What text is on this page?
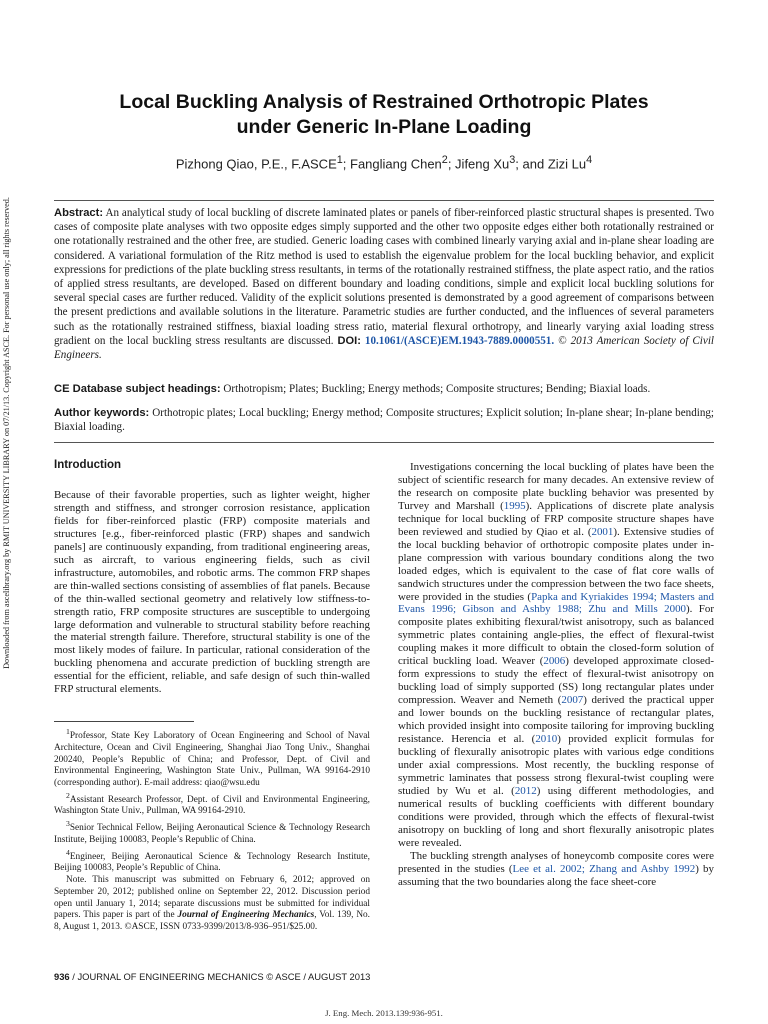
Downloaded from ascelibrary.org by RMIT UNIVERSITY LIBRARY on 07/21/13. Copyright ASCE. For personal use only; all rights reserved.
Local Buckling Analysis of Restrained Orthotropic Plates
under Generic In-Plane Loading
Pizhong Qiao, P.E., F.ASCE$^1$; Fangliang Chen$^2$; Jifeng Xu$^3$; and Zizi Lu$^4$
Abstract: An analytical study of local buckling of discrete laminated plates or panels of fiber-reinforced plastic structural shapes is presented. Two cases of composite plate analyses with two opposite edges simply supported and the other two opposite edges either both rotationally restrained or one rotationally restrained and the other free, are studied. Generic loading cases with combined linearly varying axial and in-plane shear loading are considered. A variational formulation of the Ritz method is used to establish the eigenvalue problem for the local buckling behavior, and explicit expressions for predictions of the plate buckling stress resultants, in terms of the rotationally restrained stiffness, the plate aspect ratio, and the ratios of applied stress resultants, are developed. Based on different boundary and loading conditions, simple and explicit local buckling solutions for several special cases are further reduced. Validity of the explicit solutions presented is demonstrated by a good agreement of comparisons between the present predictions and available solutions in the literature. Parametric studies are further conducted, and the influences of several parameters such as the rotationally restrained stiffness, biaxial loading stress ratio, material flexural orthotropy, and linearly varying axial loading stress gradient on the local buckling stress resultants are discussed. DOI: 10.1061/(ASCE)EM.1943-7889.0000551. © 2013 American Society of Civil Engineers.
CE Database subject headings: Orthotropism; Plates; Buckling; Energy methods; Composite structures; Bending; Biaxial loads.
Author keywords: Orthotropic plates; Local buckling; Energy method; Composite structures; Explicit solution; In-plane shear; In-plane bending; Biaxial loading.
Introduction

Because of their favorable properties, such as lighter weight, higher strength and stiffness, and stronger corrosion resistance, application fields for fiber-reinforced plastic (FRP) composite materials and structures [e.g., fiber-reinforced plastic (FRP) shapes and sandwich panels] are continuously expanding, from traditional engineering areas, such as aircraft, to various engineering fields, such as civil infrastructure, automobiles, and robotic arms. The common FRP shapes are thin-walled sections consisting of assemblies of flat panels. Because of the thin-walled sectional geometry and relatively low stiffness-to-strength ratio, FRP composite structures are susceptible to undergoing large deformation and vulnerable to structural stability before reaching the material strength failure. Therefore, structural stability is one of the most likely modes of failure. In particular, rational consideration of the buckling phenomena and accurate prediction of buckling strength are essential for the efficient, reliable, and safe design of such thin-walled FRP structural elements.

$^1$Professor, State Key Laboratory of Ocean Engineering and School of Naval Architecture, Ocean and Civil Engineering, Shanghai Jiao Tong Univ., Shanghai 200240, People’s Republic of China; and Professor, Dept. of Civil and Environmental Engineering, Washington State Univ., Pullman, WA 99164-2910 (corresponding author). E-mail address: qiao@wsu.edu

$^2$Assistant Research Professor, Dept. of Civil and Environmental Engineering, Washington State Univ., Pullman, WA 99164-2910.

$^3$Senior Technical Fellow, Beijing Aeronautical Science & Technology Research Institute, Beijing 100083, People’s Republic of China.

$^4$Engineer, Beijing Aeronautical Science & Technology Research Institute, Beijing 100083, People’s Republic of China.

Note. This manuscript was submitted on February 6, 2012; approved on September 20, 2012; published online on September 22, 2012. Discussion period open until January 1, 2014; separate discussions must be submitted for individual papers. This paper is part of the Journal of Engineering Mechanics, Vol. 139, No. 8, August 1, 2013. ©ASCE, ISSN 0733-9399/2013/8-936–951/$25.00.

Investigations concerning the local buckling of plates have been the subject of scientific research for many decades. An extensive review of the research on composite plate buckling behavior was presented by Turvey and Marshall (1995). Applications of discrete plate analysis technique for local buckling of FRP composite structure shapes have been reviewed and studied by Qiao et al. (2001). Extensive studies of the local buckling behavior of orthotropic composite plates under in-plane compression with various boundary conditions along the two loaded edges, which is equivalent to the case of flat core walls of sandwich structures under the compression between the two face sheets, were provided in the studies (Papka and Kyriakides 1994; Masters and Evans 1996; Gibson and Ashby 1988; Zhu and Mills 2000). For composite plates exhibiting flexural/twist anisotropy, such as balanced symmetric plates containing angle-plies, the effect of flexural-twist coupling makes it more difficult to obtain the closed-form solution of critical buckling load. Weaver (2006) developed approximate closed-form expressions to study the effect of flexural-twist anisotropy on buckling load of simply supported (SS) long rectangular plates under compression. Weaver and Nemeth (2007) derived the practical upper and lower bounds on the buckling resistance of rectangular plates, which provided insight into composite tailoring for improving buckling resistance. Herencia et al. (2010) provided explicit formulas for buckling of flexurally anisotropic plates with various edge conditions under axial compressions. Most recently, the buckling response of symmetric laminates that possess strong flexural-twist coupling were studied by Wu et al. (2012) using different methodologies, and numerical results of buckling coefficients with different boundary conditions were provided, through which the effects of flexural-twist anisotropy on buckling of long and short flexurally anisotropic plates were revealed.

The buckling strength analyses of honeycomb composite cores were presented in the studies (Lee et al. 2002; Zhang and Ashby 1992) by assuming that the two boundaries along the face sheet-core

936 / JOURNAL OF ENGINEERING MECHANICS © ASCE / AUGUST 2013
J. Eng. Mech. 2013.139:936-951.
